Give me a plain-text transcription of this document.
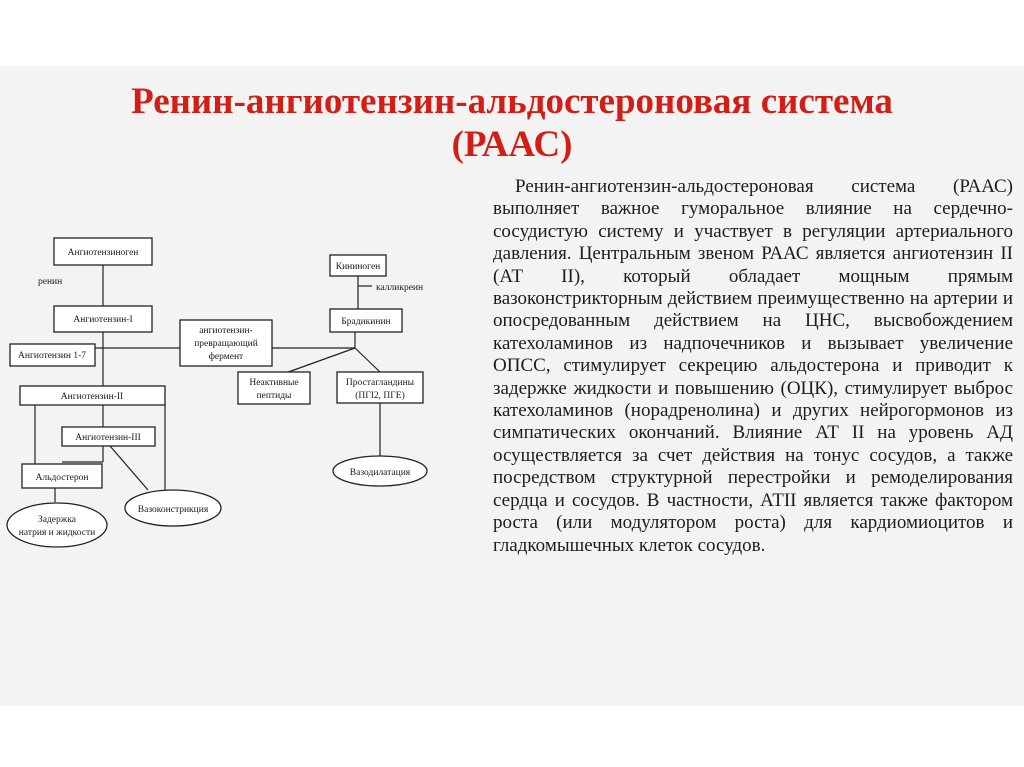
Ренин-ангиотензин-альдостероновая система
(РААС)
Ангиотензиноген
ренин
Ангиотензин-I
Ангиотензин 1-7
ангиотензин-
превращающий
фермент
Кининоген
калликреин
Брадикинин
Неактивные
пептиды
Простагландины
(ПГI2, ПГЕ)
Ангиотензин-II
Ангиотензин-III
Альдостерон	Вазодилатация
Вазоконстрикция
Задержка
натрия и жидкости
Ренин-ангиотензин-альдостероновая система (РААС) выполняет важное гуморальное влияние на сердечно-сосудистую систему и участвует в регуляции артериального давления. Центральным звеном РААС является ангиотензин II (АТ II), который обладает мощным прямым вазоконстрикторным действием преимущественно на артерии и опосредованным действием на ЦНС, высвобождением катехоламинов из надпочечников и вызывает увеличение ОПСС, стимулирует секрецию альдостерона и приводит к задержке жидкости и повышению (ОЦК), стимулирует выброс катехоламинов (норадренолина) и других нейрогормонов из симпатических окончаний. Влияние АТ II на уровень АД осуществляется за счет действия на тонус сосудов, а также посредством структурной перестройки и ремоделирования сердца и сосудов. В частности, АТII является также фактором роста (или модулятором роста) для кардиомиоцитов и гладкомышечных клеток сосудов.
